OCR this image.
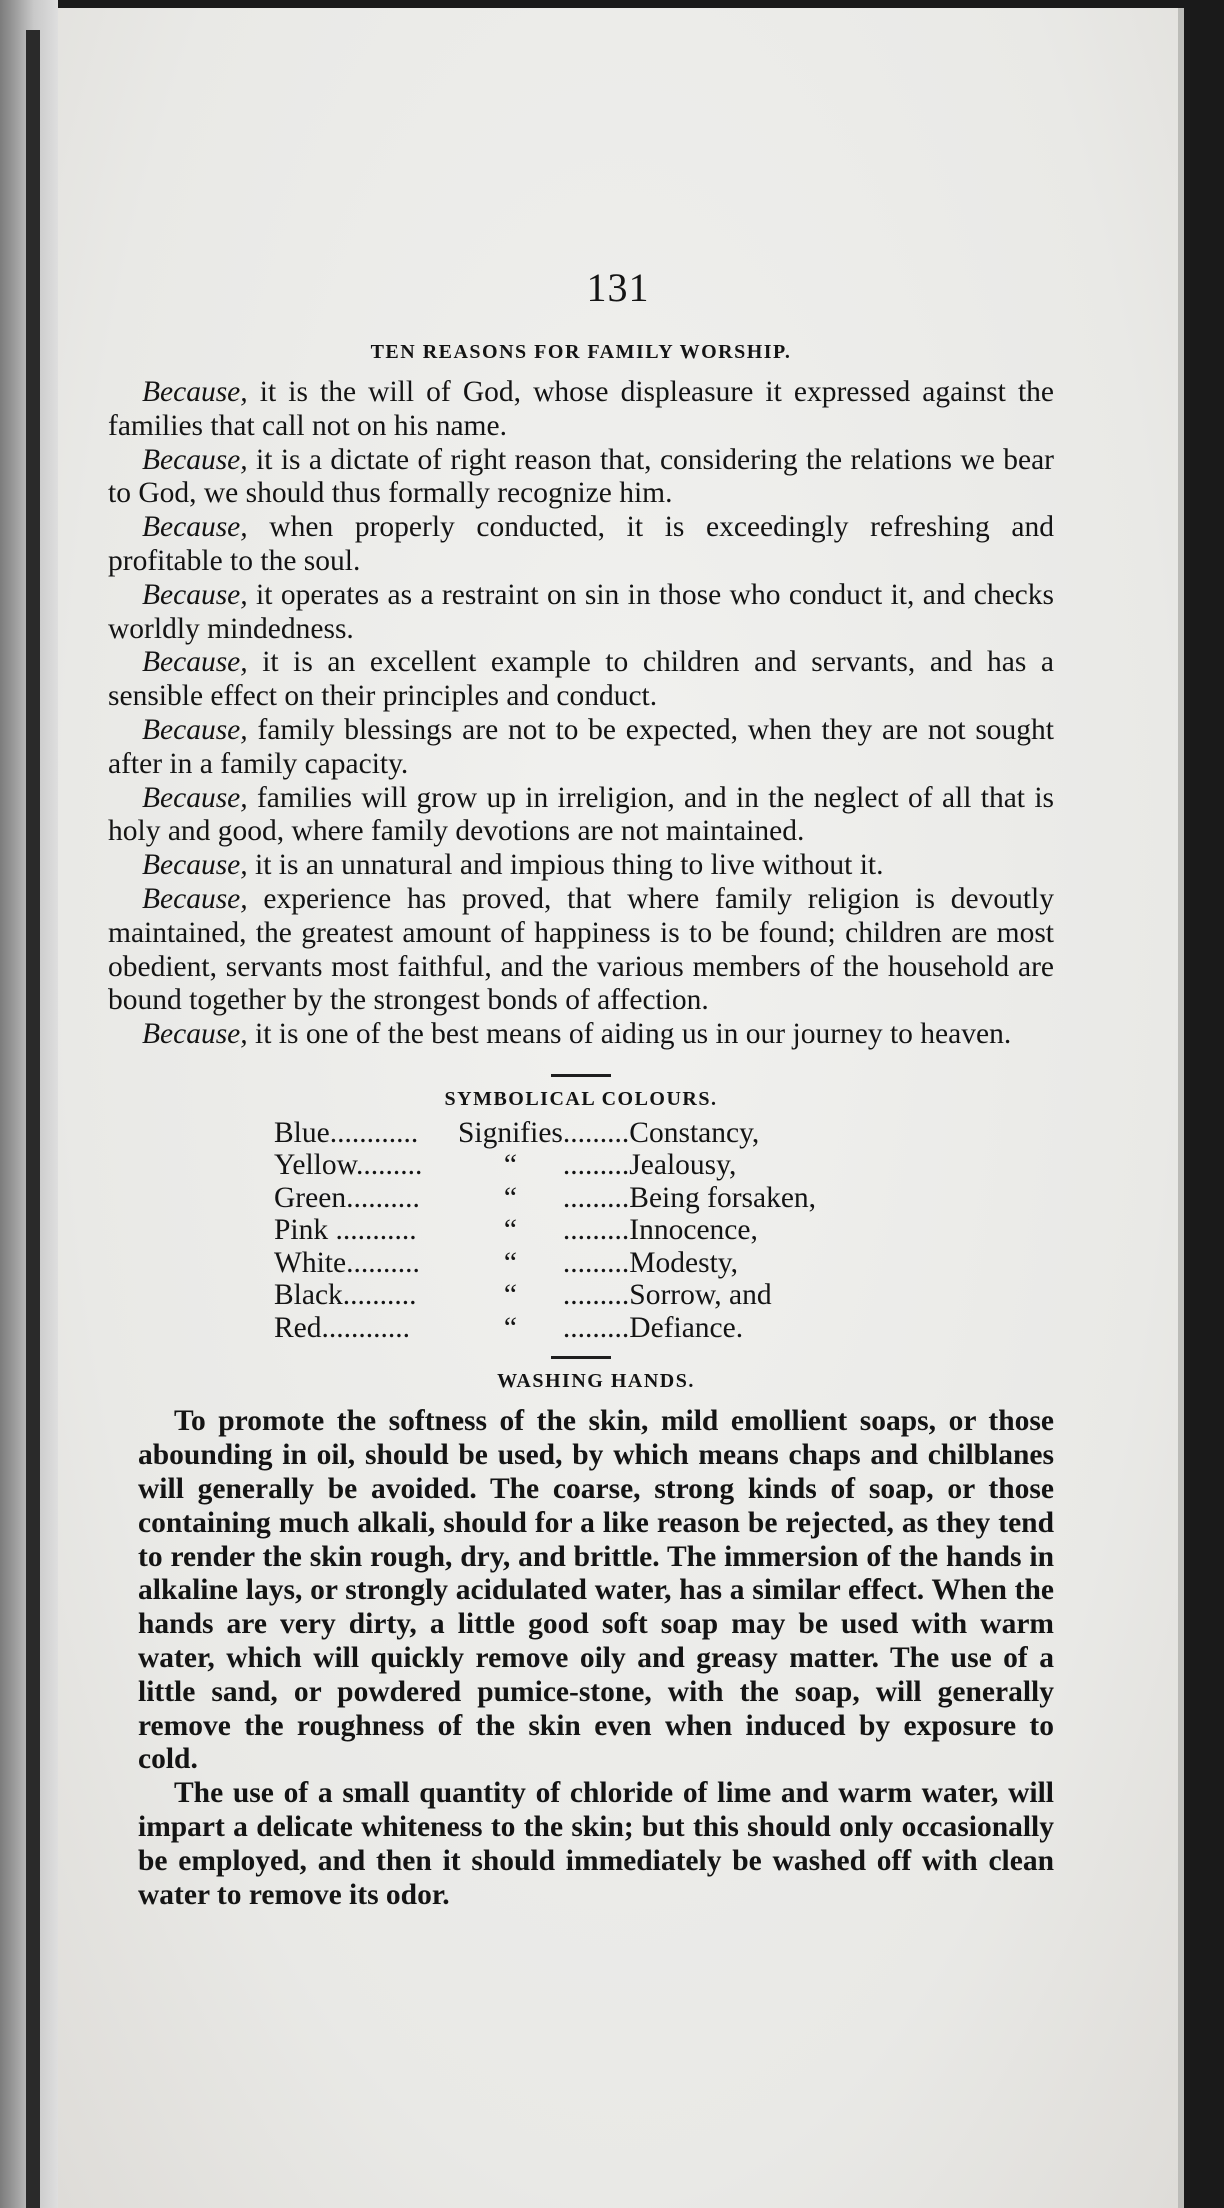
131
TEN REASONS FOR FAMILY WORSHIP.

Because, it is the will of God, whose displeasure it expressed against the families that call not on his name.

Because, it is a dictate of right reason that, considering the relations we bear to God, we should thus formally recognize him.

Because, when properly conducted, it is exceedingly refreshing and profitable to the soul.

Because, it operates as a restraint on sin in those who conduct it, and checks worldly mindedness.

Because, it is an excellent example to children and servants, and has a sensible effect on their principles and conduct.

Because, family blessings are not to be expected, when they are not sought after in a family capacity.

Because, families will grow up in irreligion, and in the neglect of all that is holy and good, where family devotions are not maintained.

Because, it is an unnatural and impious thing to live without it.

Because, experience has proved, that where family religion is devoutly maintained, the greatest amount of happiness is to be found; children are most obedient, servants most faithful, and the various members of the household are bound together by the strongest bonds of affection.

Because, it is one of the best means of aiding us in our journey to heaven.

SYMBOLICAL COLOURS.
Blue............	Signifies	.........Constancy,
Yellow.........	“	.........Jealousy,
Green..........	“	.........Being forsaken,
Pink ...........	“	.........Innocence,
White..........	“	.........Modesty,
Black..........	“	.........Sorrow, and
Red............	“	.........Defiance.
WASHING HANDS.

To promote the softness of the skin, mild emollient soaps, or those abounding in oil, should be used, by which means chaps and chilblanes will generally be avoided. The coarse, strong kinds of soap, or those containing much alkali, should for a like reason be rejected, as they tend to render the skin rough, dry, and brittle. The immersion of the hands in alkaline lays, or strongly acidulated water, has a similar effect. When the hands are very dirty, a little good soft soap may be used with warm water, which will quickly remove oily and greasy matter. The use of a little sand, or powdered pumice-stone, with the soap, will generally remove the roughness of the skin even when induced by exposure to cold.

The use of a small quantity of chloride of lime and warm water, will impart a delicate whiteness to the skin; but this should only occasionally be employed, and then it should immediately be washed off with clean water to remove its odor.
